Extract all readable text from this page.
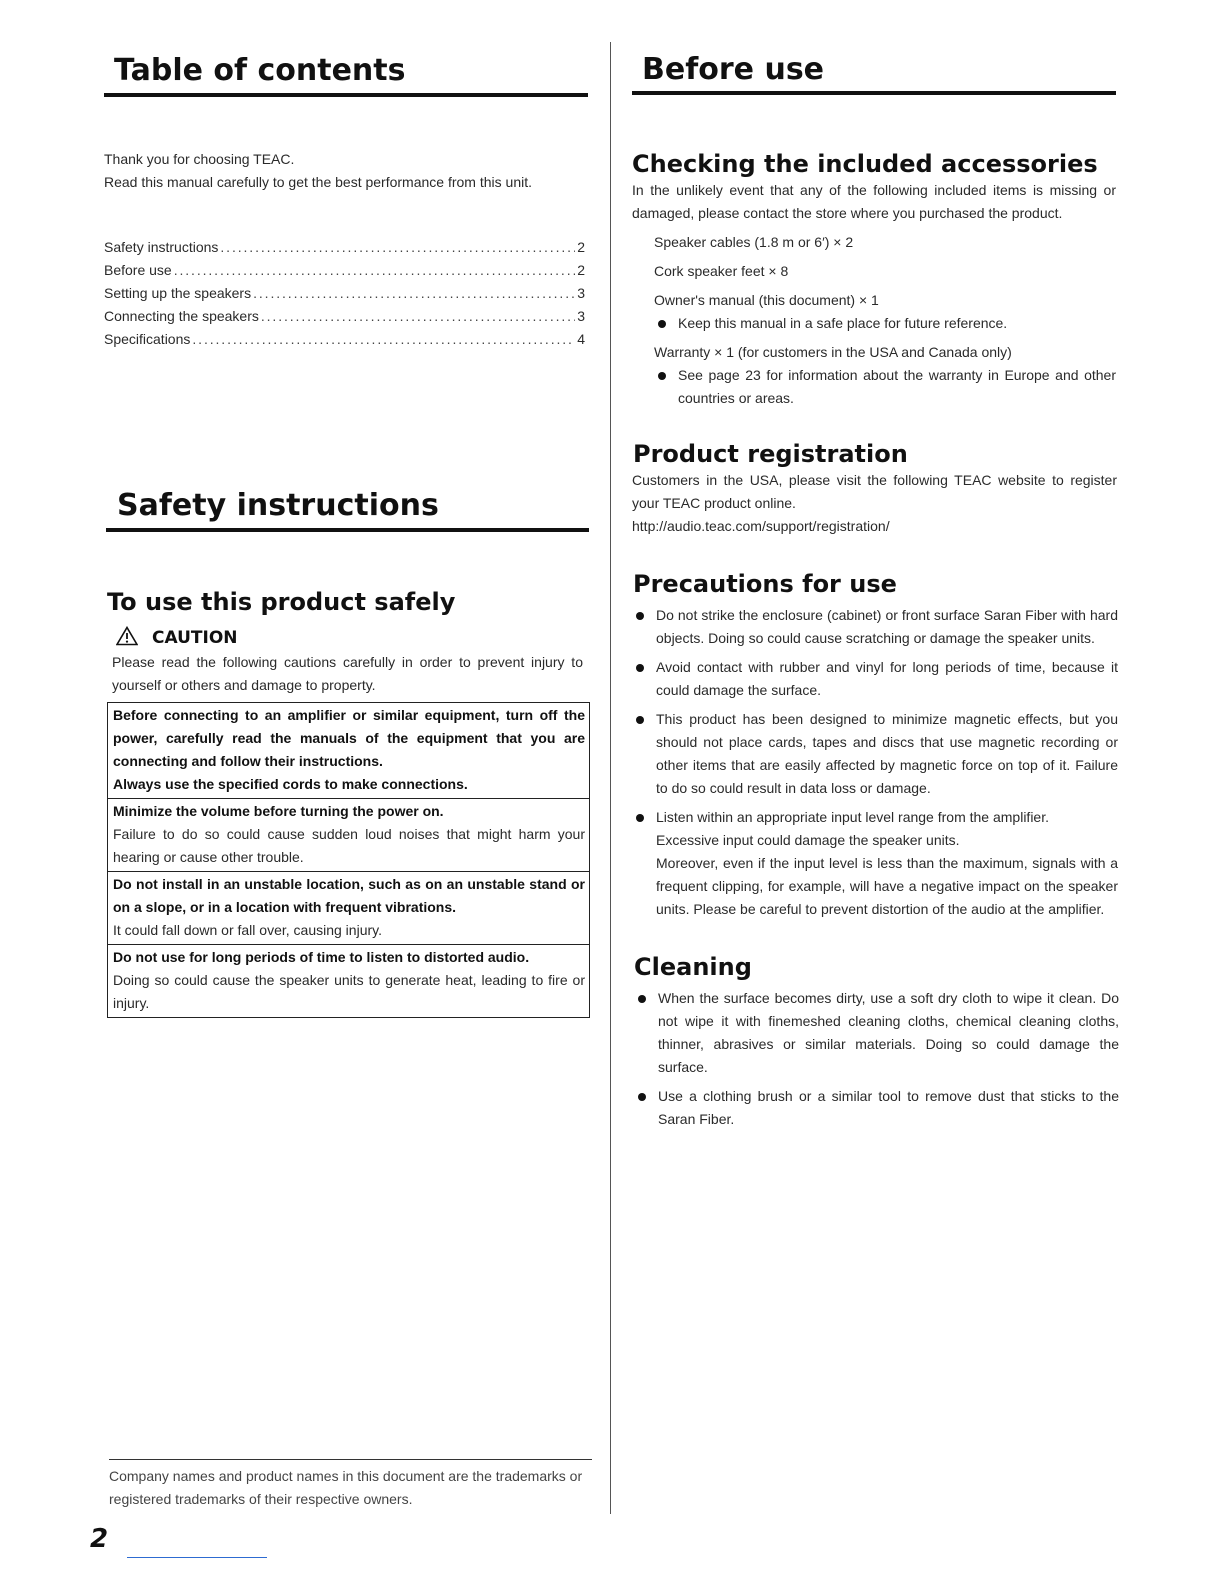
Table of contents

Thank you for choosing TEAC.

Read this manual carefully to get the best performance from this unit.

Safety instructions . . .	2
Before use . . .	2
Setting up the speakers . . .	3
Connecting the speakers . . .	3
Specifications . . .	4
Safety instructions
To use this product safely
CAUTION

Please read the following cautions carefully in order to prevent injury to yourself or others and damage to property.

Before connecting to an amplifier or similar equipment, turn off the power, carefully read the manuals of the equipment that you are connecting and follow their instructions.
Always use the specified cords to make connections.

Minimize the volume before turning the power on.
Failure to do so could cause sudden loud noises that might harm your hearing or cause other trouble.

Do not install in an unstable location, such as on an unstable stand or on a slope, or in a location with frequent vibrations.
It could fall down or fall over, causing injury.

Do not use for long periods of time to listen to distorted audio.
Doing so could cause the speaker units to generate heat, leading to fire or injury.

Company names and product names in this document are the trademarks or registered trademarks of their respective owners.

2
Before use
Checking the included accessories

In the unlikely event that any of the following included items is missing or damaged, please contact the store where you purchased the product.

Speaker cables (1.8 m or 6′) × 2

Cork speaker feet × 8

Owner's manual (this document) × 1

Keep this manual in a safe place for future reference.

Warranty × 1 (for customers in the USA and Canada only)

See page 23 for information about the warranty in Europe and other countries or areas.

Product registration

Customers in the USA, please visit the following TEAC website to register your TEAC product online.

http://audio.teac.com/support/registration/

Precautions for use

Do not strike the enclosure (cabinet) or front surface Saran Fiber with hard objects. Doing so could cause scratching or damage the speaker units.

Avoid contact with rubber and vinyl for long periods of time, because it could damage the surface.

This product has been designed to minimize magnetic effects, but you should not place cards, tapes and discs that use magnetic recording or other items that are easily affected by magnetic force on top of it. Failure to do so could result in data loss or damage.

Listen within an appropriate input level range from the amplifier.
Excessive input could damage the speaker units.
Moreover, even if the input level is less than the maximum, signals with a frequent clipping, for example, will have a negative impact on the speaker units. Please be careful to prevent distortion of the audio at the amplifier.
Cleaning

When the surface becomes dirty, use a soft dry cloth to wipe it clean. Do not wipe it with finemeshed cleaning cloths, chemical cleaning cloths, thinner, abrasives or similar materials. Doing so could damage the surface.

Use a clothing brush or a similar tool to remove dust that sticks to the Saran Fiber.
